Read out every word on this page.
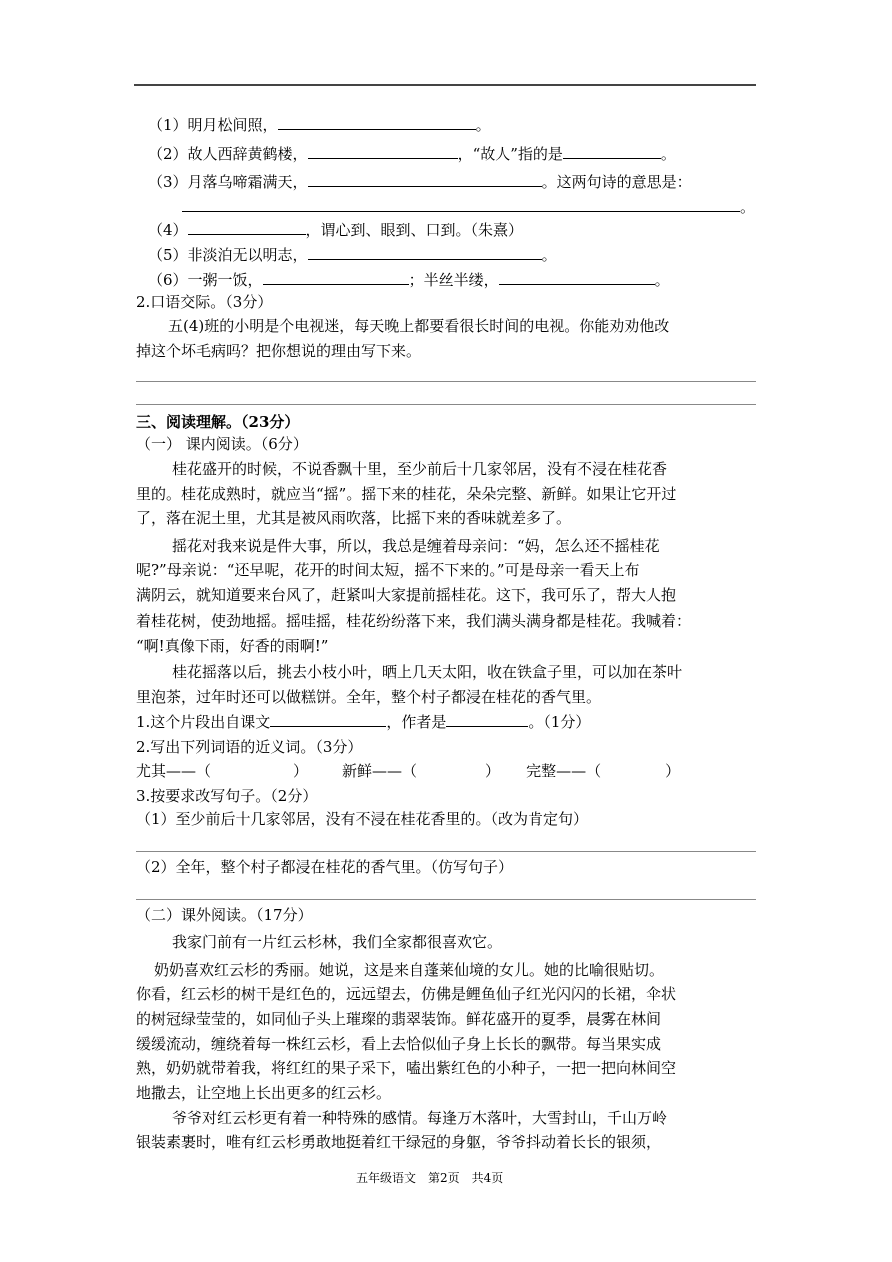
（1）明月松间照，	。
（2）故人西辞黄鹤楼，	，“故人”指的是	。
（3）月落乌啼霜满天，	。这两句诗的意思是：
。
（4）	，谓心到、眼到、口到。（朱熹）
（5）非淡泊无以明志，	。
（6）一粥一饭，	；半丝半缕，	。
2.口语交际。（3分）
五(4)班的小明是个电视迷，每天晚上都要看很长时间的电视。你能劝劝他改
掉这个坏毛病吗？把你想说的理由写下来。
三、阅读理解。（23分）
（一） 课内阅读。（6分）
桂花盛开的时候，不说香飘十里，至少前后十几家邻居，没有不浸在桂花香
里的。桂花成熟时，就应当“摇”。摇下来的桂花，朵朵完整、新鲜。如果让它开过
了，落在泥土里，尤其是被风雨吹落，比摇下来的香味就差多了。
摇花对我来说是件大事，所以，我总是缠着母亲问：“妈，怎么还不摇桂花
呢?”母亲说：“还早呢，花开的时间太短，摇不下来的。”可是母亲一看天上布
满阴云，就知道要来台风了，赶紧叫大家提前摇桂花。这下，我可乐了，帮大人抱
着桂花树，使劲地摇。摇哇摇，桂花纷纷落下来，我们满头满身都是桂花。我喊着：
“啊!真像下雨，好香的雨啊!”
桂花摇落以后，挑去小枝小叶，晒上几天太阳，收在铁盒子里，可以加在茶叶
里泡茶，过年时还可以做糕饼。全年，整个村子都浸在桂花的香气里。
1.这个片段出自课文	，作者是	。（1分）
2.写出下列词语的近义词。（3分）
尤其——（	） 新鲜——（	） 完整——（	）
3.按要求改写句子。（2分）
（1）至少前后十几家邻居，没有不浸在桂花香里的。（改为肯定句）
（2）全年，整个村子都浸在桂花的香气里。（仿写句子）
（二）课外阅读。（17分）
我家门前有一片红云杉林，我们全家都很喜欢它。
奶奶喜欢红云杉的秀丽。她说，这是来自蓬莱仙境的女儿。她的比喻很贴切。
你看，红云杉的树干是红色的，远远望去，仿佛是鲤鱼仙子红光闪闪的长裙，伞状
的树冠绿莹莹的，如同仙子头上璀璨的翡翠装饰。鲜花盛开的夏季，晨雾在林间
缓缓流动，缠绕着每一株红云杉，看上去恰似仙子身上长长的飘带。每当果实成
熟，奶奶就带着我，将红红的果子采下，嗑出紫红色的小种子，一把一把向林间空
地撒去，让空地上长出更多的红云杉。
爷爷对红云杉更有着一种特殊的感情。每逢万木落叶，大雪封山，千山万岭
银装素裹时，唯有红云杉勇敢地挺着红干绿冠的身躯，爷爷抖动着长长的银须，
五年级语文　第2页　共4页
